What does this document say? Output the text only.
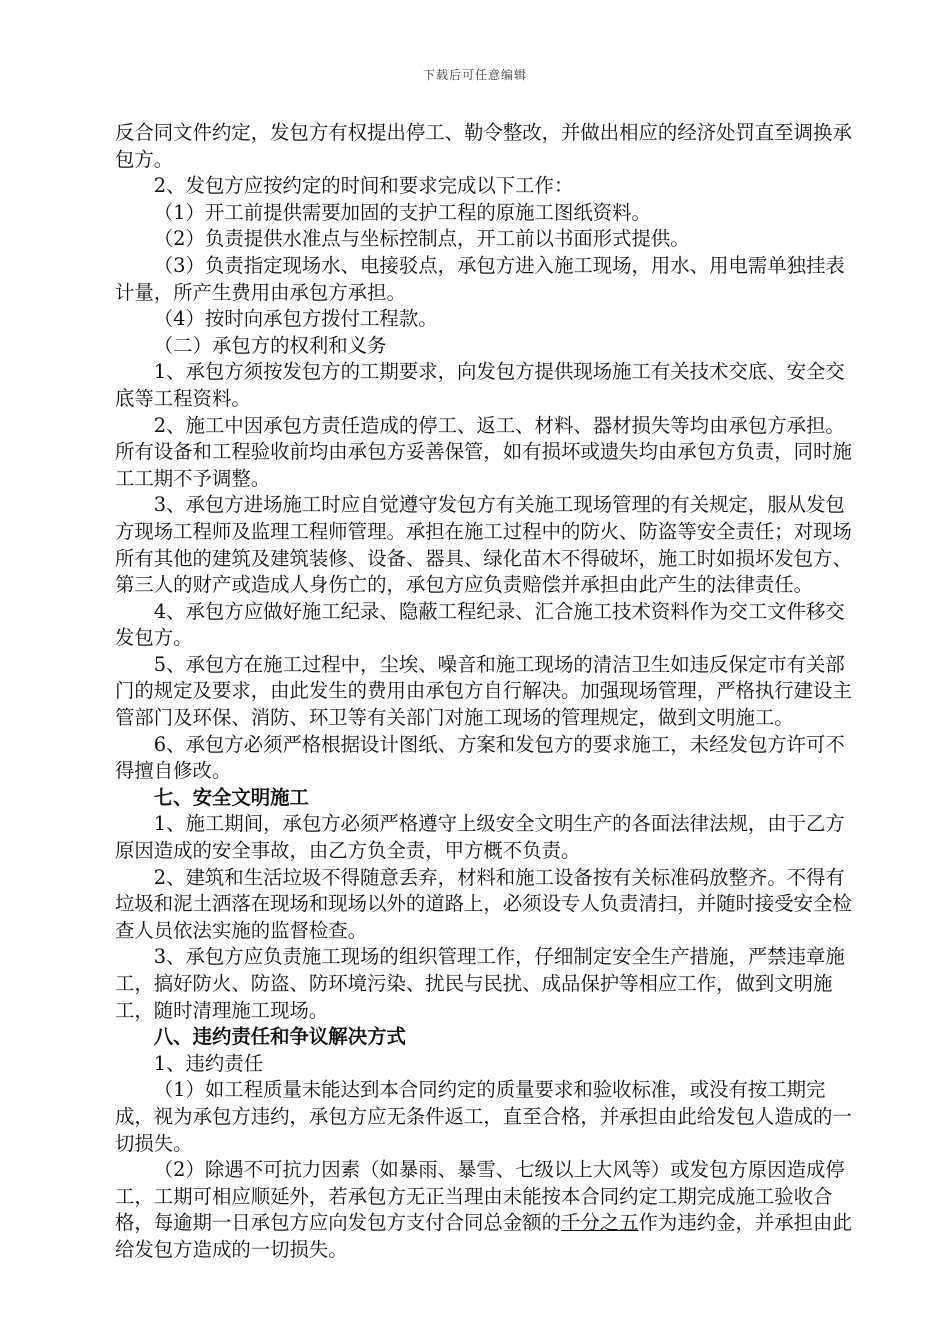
下载后可任意编辑

反合同文件约定，发包方有权提出停工、勒令整改，并做出相应的经济处罚直至调换承包方。

2、发包方应按约定的时间和要求完成以下工作：

（1）开工前提供需要加固的支护工程的原施工图纸资料。

（2）负责提供水准点与坐标控制点，开工前以书面形式提供。

（3）负责指定现场水、电接驳点，承包方进入施工现场，用水、用电需单独挂表计量，所产生费用由承包方承担。

（4）按时向承包方拨付工程款。

（二）承包方的权利和义务

1、承包方须按发包方的工期要求，向发包方提供现场施工有关技术交底、安全交底等工程资料。

2、施工中因承包方责任造成的停工、返工、材料、器材损失等均由承包方承担。所有设备和工程验收前均由承包方妥善保管，如有损坏或遗失均由承包方负责，同时施工工期不予调整。

3、承包方进场施工时应自觉遵守发包方有关施工现场管理的有关规定，服从发包方现场工程师及监理工程师管理。承担在施工过程中的防火、防盗等安全责任；对现场所有其他的建筑及建筑装修、设备、器具、绿化苗木不得破坏，施工时如损坏发包方、第三人的财产或造成人身伤亡的，承包方应负责赔偿并承担由此产生的法律责任。

4、承包方应做好施工纪录、隐蔽工程纪录、汇合施工技术资料作为交工文件移交发包方。

5、承包方在施工过程中，尘埃、噪音和施工现场的清洁卫生如违反保定市有关部门的规定及要求，由此发生的费用由承包方自行解决。加强现场管理，严格执行建设主管部门及环保、消防、环卫等有关部门对施工现场的管理规定，做到文明施工。

6、承包方必须严格根据设计图纸、方案和发包方的要求施工，未经发包方许可不得擅自修改。

七、安全文明施工

1、施工期间，承包方必须严格遵守上级安全文明生产的各面法律法规，由于乙方原因造成的安全事故，由乙方负全责，甲方概不负责。

2、建筑和生活垃圾不得随意丢弃，材料和施工设备按有关标准码放整齐。不得有垃圾和泥土洒落在现场和现场以外的道路上，必须设专人负责清扫，并随时接受安全检查人员依法实施的监督检查。

3、承包方应负责施工现场的组织管理工作，仔细制定安全生产措施，严禁违章施工，搞好防火、防盗、防环境污染、扰民与民扰、成品保护等相应工作，做到文明施工，随时清理施工现场。

八、违约责任和争议解决方式

1、违约责任

（1）如工程质量未能达到本合同约定的质量要求和验收标准，或没有按工期完成，视为承包方违约，承包方应无条件返工，直至合格，并承担由此给发包人造成的一切损失。

（2）除遇不可抗力因素（如暴雨、暴雪、七级以上大风等）或发包方原因造成停工，工期可相应顺延外，若承包方无正当理由未能按本合同约定工期完成施工验收合格，每逾期一日承包方应向发包方支付合同总金额的千分之五作为违约金，并承担由此给发包方造成的一切损失。
